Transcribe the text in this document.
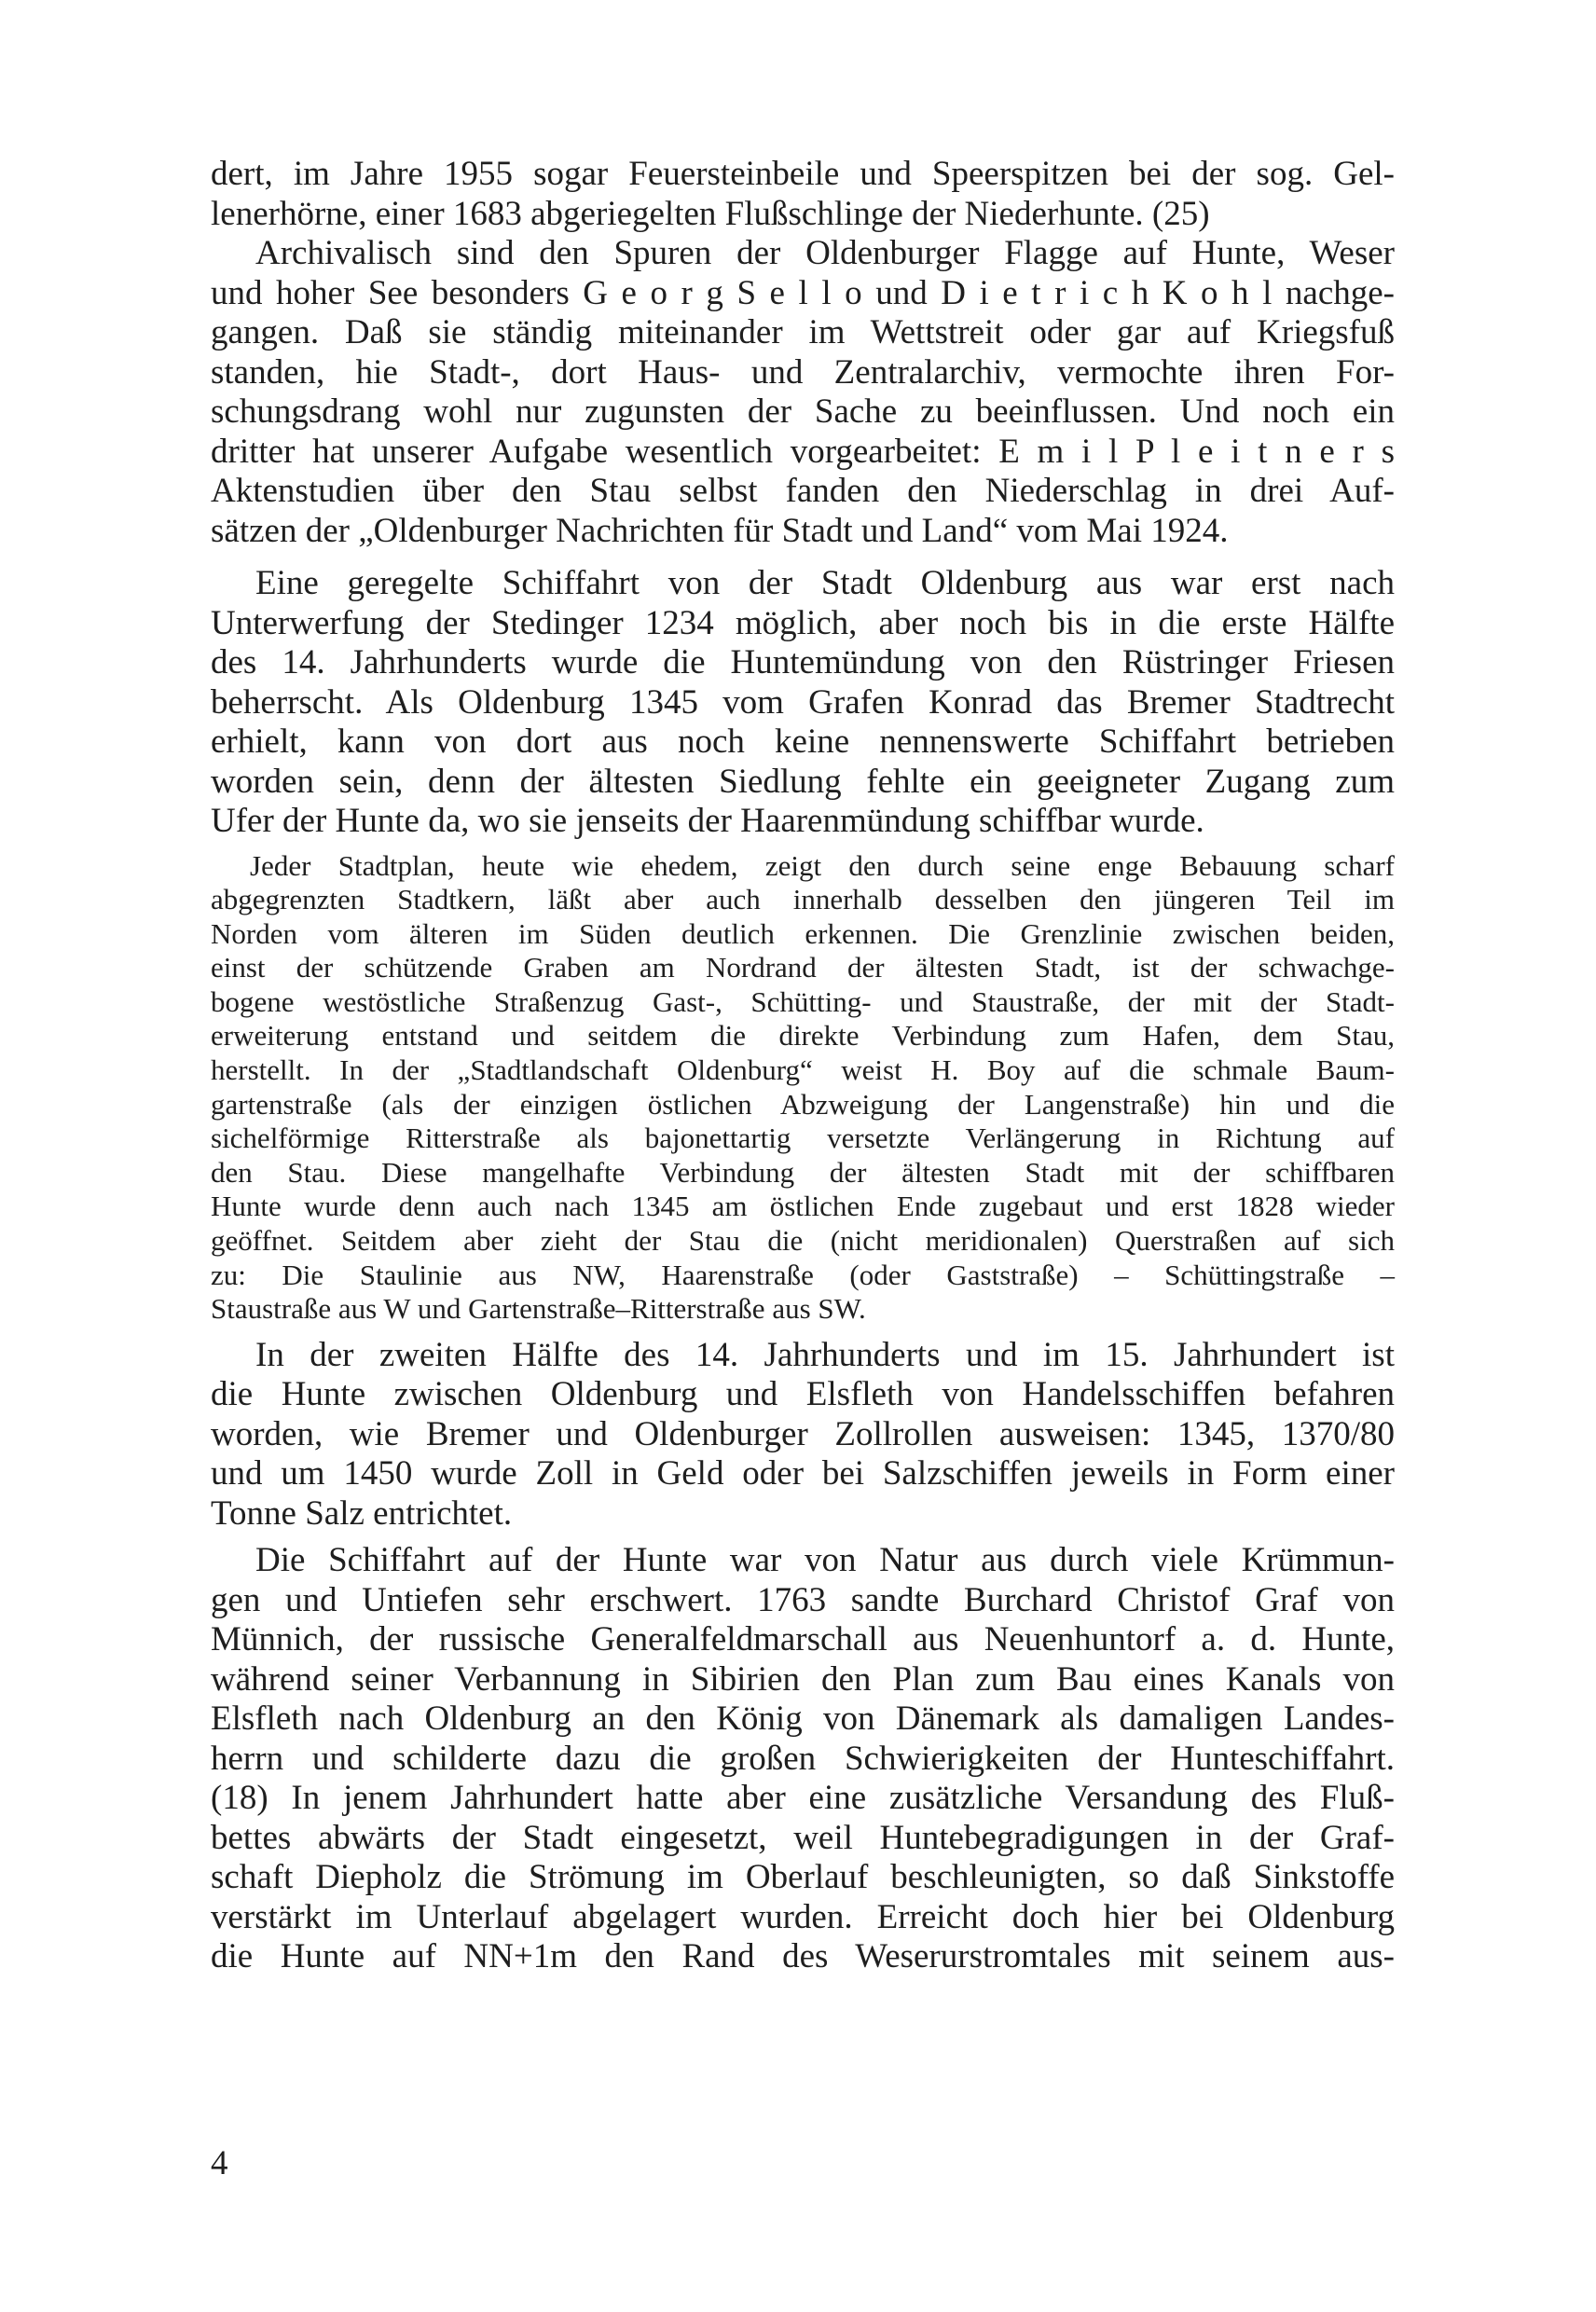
dert, im Jahre 1955 sogar Feuersteinbeile und Speerspitzen bei der sog. Gel-
lenerhörne, einer 1683 abgeriegelten Flußschlinge der Niederhunte. (25)
Archivalisch sind den Spuren der Oldenburger Flagge auf Hunte, Weser
und hoher See besonders G e o r g S e l l o und D i e t r i c h K o h l nachge-
gangen. Daß sie ständig miteinander im Wettstreit oder gar auf Kriegsfuß
standen, hie Stadt-, dort Haus- und Zentralarchiv, vermochte ihren For-
schungsdrang wohl nur zugunsten der Sache zu beeinflussen. Und noch ein
dritter hat unserer Aufgabe wesentlich vorgearbeitet: E m i l P l e i t n e r s
Aktenstudien über den Stau selbst fanden den Niederschlag in drei Auf-
sätzen der „Oldenburger Nachrichten für Stadt und Land“ vom Mai 1924.
Eine geregelte Schiffahrt von der Stadt Oldenburg aus war erst nach
Unterwerfung der Stedinger 1234 möglich, aber noch bis in die erste Hälfte
des 14. Jahrhunderts wurde die Huntemündung von den Rüstringer Friesen
beherrscht. Als Oldenburg 1345 vom Grafen Konrad das Bremer Stadtrecht
erhielt, kann von dort aus noch keine nennenswerte Schiffahrt betrieben
worden sein, denn der ältesten Siedlung fehlte ein geeigneter Zugang zum
Ufer der Hunte da, wo sie jenseits der Haarenmündung schiffbar wurde.
Jeder Stadtplan, heute wie ehedem, zeigt den durch seine enge Bebauung scharf
abgegrenzten Stadtkern, läßt aber auch innerhalb desselben den jüngeren Teil im
Norden vom älteren im Süden deutlich erkennen. Die Grenzlinie zwischen beiden,
einst der schützende Graben am Nordrand der ältesten Stadt, ist der schwachge-
bogene westöstliche Straßenzug Gast-, Schütting- und Staustraße, der mit der Stadt-
erweiterung entstand und seitdem die direkte Verbindung zum Hafen, dem Stau,
herstellt. In der „Stadtlandschaft Oldenburg“ weist H. Boy auf die schmale Baum-
gartenstraße (als der einzigen östlichen Abzweigung der Langenstraße) hin und die
sichelförmige Ritterstraße als bajonettartig versetzte Verlängerung in Richtung auf
den Stau. Diese mangelhafte Verbindung der ältesten Stadt mit der schiffbaren
Hunte wurde denn auch nach 1345 am östlichen Ende zugebaut und erst 1828 wieder
geöffnet. Seitdem aber zieht der Stau die (nicht meridionalen) Querstraßen auf sich
zu: Die Staulinie aus NW, Haarenstraße (oder Gaststraße) – Schüttingstraße –
Staustraße aus W und Gartenstraße–Ritterstraße aus SW.
In der zweiten Hälfte des 14. Jahrhunderts und im 15. Jahrhundert ist
die Hunte zwischen Oldenburg und Elsfleth von Handelsschiffen befahren
worden, wie Bremer und Oldenburger Zollrollen ausweisen: 1345, 1370/80
und um 1450 wurde Zoll in Geld oder bei Salzschiffen jeweils in Form einer
Tonne Salz entrichtet.
Die Schiffahrt auf der Hunte war von Natur aus durch viele Krümmun-
gen und Untiefen sehr erschwert. 1763 sandte Burchard Christof Graf von
Münnich, der russische Generalfeldmarschall aus Neuenhuntorf a. d. Hunte,
während seiner Verbannung in Sibirien den Plan zum Bau eines Kanals von
Elsfleth nach Oldenburg an den König von Dänemark als damaligen Landes-
herrn und schilderte dazu die großen Schwierigkeiten der Hunteschiffahrt.
(18) In jenem Jahrhundert hatte aber eine zusätzliche Versandung des Fluß-
bettes abwärts der Stadt eingesetzt, weil Huntebegradigungen in der Graf-
schaft Diepholz die Strömung im Oberlauf beschleunigten, so daß Sinkstoffe
verstärkt im Unterlauf abgelagert wurden. Erreicht doch hier bei Oldenburg
die Hunte auf NN+1m den Rand des Weserurstromtales mit seinem aus-
4
